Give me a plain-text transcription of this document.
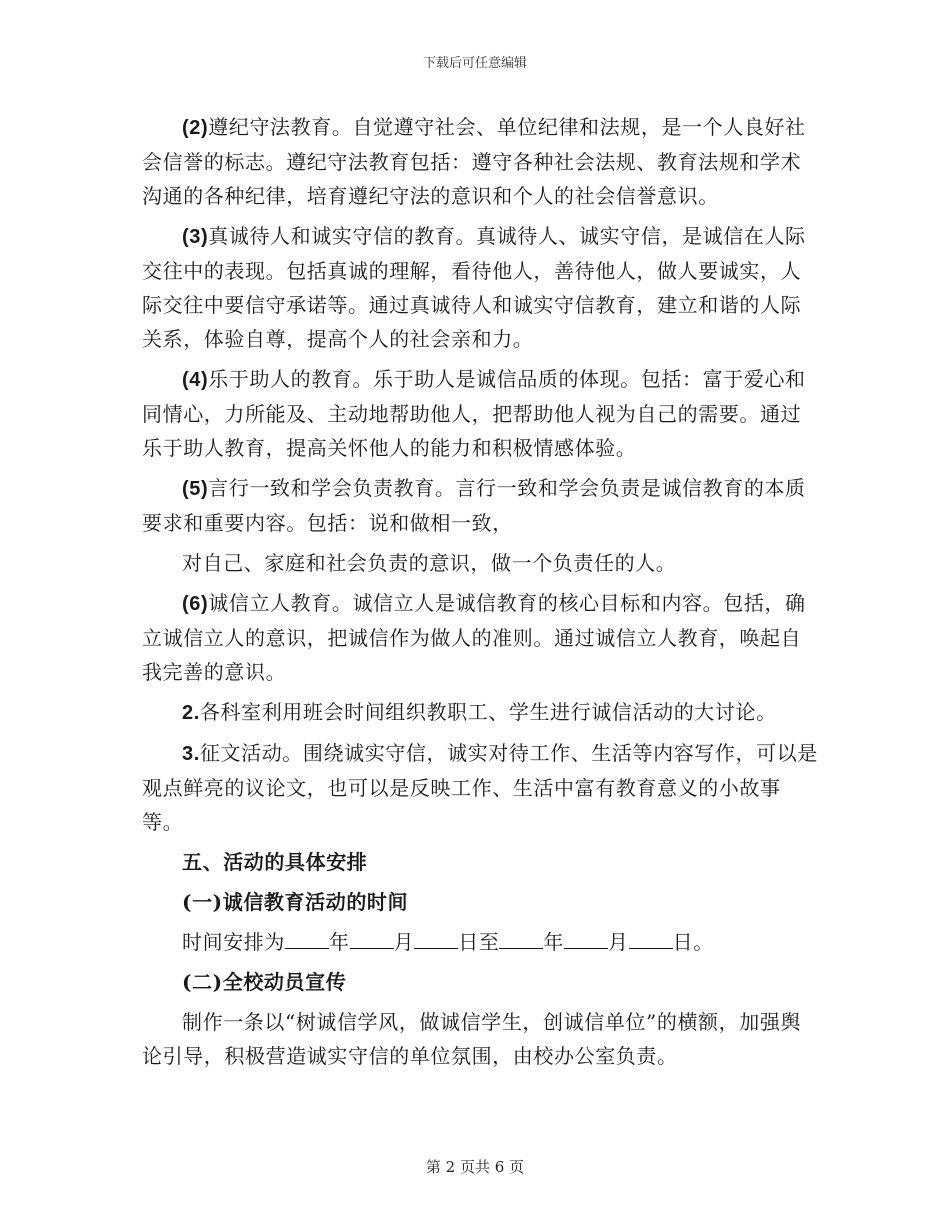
下载后可任意编辑

(2)遵纪守法教育。自觉遵守社会、单位纪律和法规，是一个人良好社会信誉的标志。遵纪守法教育包括：遵守各种社会法规、教育法规和学术沟通的各种纪律，培育遵纪守法的意识和个人的社会信誉意识。

(3)真诚待人和诚实守信的教育。真诚待人、诚实守信，是诚信在人际交往中的表现。包括真诚的理解，看待他人，善待他人，做人要诚实，人际交往中要信守承诺等。通过真诚待人和诚实守信教育，建立和谐的人际关系，体验自尊，提高个人的社会亲和力。

(4)乐于助人的教育。乐于助人是诚信品质的体现。包括：富于爱心和同情心，力所能及、主动地帮助他人，把帮助他人视为自己的需要。通过乐于助人教育，提高关怀他人的能力和积极情感体验。

(5)言行一致和学会负责教育。言行一致和学会负责是诚信教育的本质要求和重要内容。包括：说和做相一致，

对自己、家庭和社会负责的意识，做一个负责任的人。

(6)诚信立人教育。诚信立人是诚信教育的核心目标和内容。包括，确立诚信立人的意识，把诚信作为做人的准则。通过诚信立人教育，唤起自我完善的意识。

2.各科室利用班会时间组织教职工、学生进行诚信活动的大讨论。

3.征文活动。围绕诚实守信，诚实对待工作、生活等内容写作，可以是观点鲜亮的议论文，也可以是反映工作、生活中富有教育意义的小故事等。

五、活动的具体安排

(一)诚信教育活动的时间

时间安排为 年 月 日至 年 月 日。

(二)全校动员宣传

制作一条以“树诚信学风，做诚信学生，创诚信单位”的横额，加强舆论引导，积极营造诚实守信的单位氛围，由校办公室负责。

第 2 页共 6 页
